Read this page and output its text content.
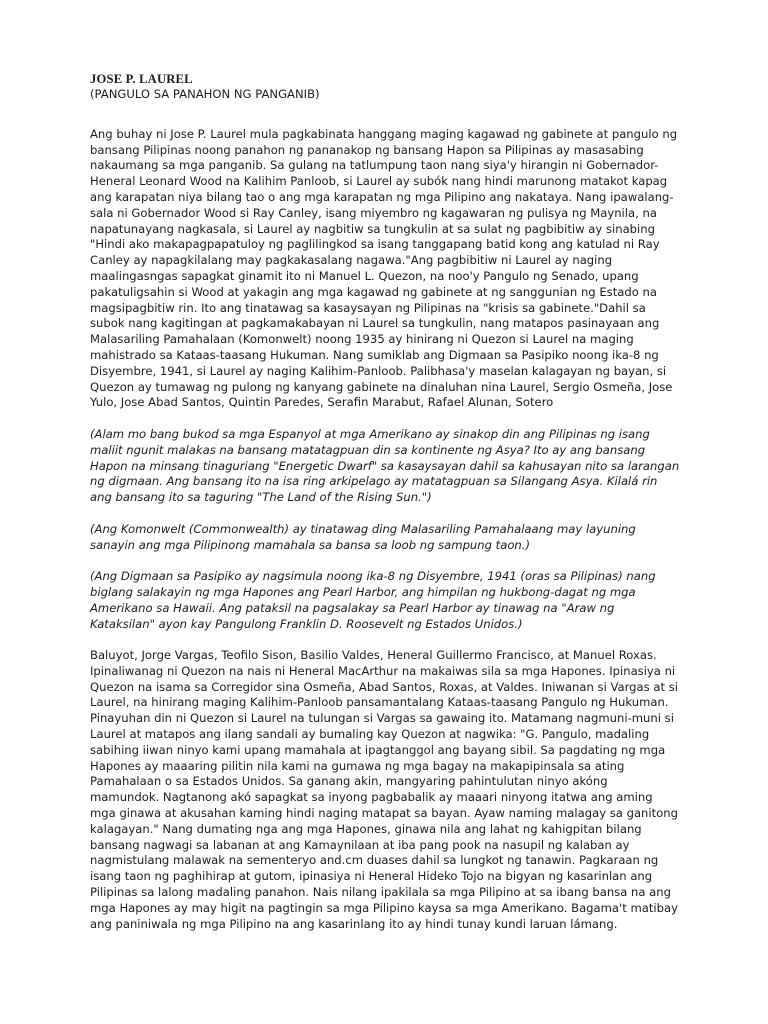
JOSE P. LAUREL
(PANGULO SA PANAHON NG PANGANIB)

Ang buhay ni Jose P. Laurel mula pagkabinata hanggang maging kagawad ng gabinete at pangulo ng bansang Pilipinas noong panahon ng pananakop ng bansang Hapon sa Pilipinas ay masasabing nakaumang sa mga panganib. Sa gulang na tatlumpung taon nang siya'y hirangin ni Gobernador-Heneral Leonard Wood na Kalihim Panloob, si Laurel ay subók nang hindi marunong matakot kapag ang karapatan niya bilang tao o ang mga karapatan ng mga Pilipino ang nakataya. Nang ipawalang-sala ni Gobernador Wood si Ray Canley, isang miyembro ng kagawaran ng pulisya ng Maynila, na napatunayang nagkasala, si Laurel ay nagbitiw sa tungkulin at sa sulat ng pagbibitiw ay sinabing "Hindi ako makapagpapatuloy ng paglilingkod sa isang tanggapang batid kong ang katulad ni Ray Canley ay napagkilalang may pagkakasalang nagawa."Ang pagbibitiw ni Laurel ay naging maalingasngas sapagkat ginamit ito ni Manuel L. Quezon, na noo'y Pangulo ng Senado, upang pakatuligsahin si Wood at yakagin ang mga kagawad ng gabinete at ng sanggunian ng Estado na magsipagbitiw rin. Ito ang tinatawag sa kasaysayan ng Pilipinas na "krisis sa gabinete."Dahil sa subok nang kagitingan at pagkamakabayan ni Laurel sa tungkulin, nang matapos pasinayaan ang Malasariling Pamahalaan (Komonwelt) noong 1935 ay hinirang ni Quezon si Laurel na maging mahistrado sa Kataas-taasang Hukuman. Nang sumiklab ang Digmaan sa Pasipiko noong ika-8 ng Disyembre, 1941, si Laurel ay naging Kalihim-Panloob. Palibhasa'y maselan kalagayan ng bayan, si Quezon ay tumawag ng pulong ng kanyang gabinete na dinaluhan nina Laurel, Sergio Osmeña, Jose Yulo, Jose Abad Santos, Quintin Paredes, Serafin Marabut, Rafael Alunan, Sotero

(Alam mo bang bukod sa mga Espanyol at mga Amerikano ay sinakop din ang Pilipinas ng isang maliit ngunit malakas na bansang matatagpuan din sa kontinente ng Asya? Ito ay ang bansang Hapon na minsang tinaguriang "Energetic Dwarf" sa kasaysayan dahil sa kahusayan nito sa larangan ng digmaan. Ang bansang ito na isa ring arkipelago ay matatagpuan sa Silangang Asya. Kilalá rin ang bansang ito sa taguring "The Land of the Rising Sun.")

(Ang Komonwelt (Commonwealth) ay tinatawag ding Malasariling Pamahalaang may layuning sanayin ang mga Pilipinong mamahala sa bansa sa loob ng sampung taon.)

(Ang Digmaan sa Pasipiko ay nagsimula noong ika-8 ng Disyembre, 1941 (oras sa Pilipinas) nang biglang salakayin ng mga Hapones ang Pearl Harbor, ang himpilan ng hukbong-dagat ng mga Amerikano sa Hawaii. Ang pataksil na pagsalakay sa Pearl Harbor ay tinawag na "Araw ng Kataksilan" ayon kay Pangulong Franklin D. Roosevelt ng Estados Unidos.)

Baluyot, Jorge Vargas, Teofilo Sison, Basilio Valdes, Heneral Guillermo Francisco, at Manuel Roxas. Ipinaliwanag ni Quezon na nais ni Heneral MacArthur na makaiwas sila sa mga Hapones. Ipinasiya ni Quezon na isama sa Corregidor sina Osmeña, Abad Santos, Roxas, at Valdes. Iniwanan si Vargas at si Laurel, na hinirang maging Kalihim-Panloob pansamantalang Kataas-taasang Pangulo ng Hukuman. Pinayuhan din ni Quezon si Laurel na tulungan si Vargas sa gawaing ito. Matamang nagmuni-muni si Laurel at matapos ang ilang sandali ay bumaling kay Quezon at nagwika: "G. Pangulo, madaling sabihing iiwan ninyo kami upang mamahala at ipagtanggol ang bayang sibil. Sa pagdating ng mga Hapones ay maaaring pilitin nila kami na gumawa ng mga bagay na makapipinsala sa ating Pamahalaan o sa Estados Unidos. Sa ganang akin, mangyaring pahintulutan ninyo akóng mamundok. Nagtanong akó sapagkat sa inyong pagbabalik ay maaari ninyong itatwa ang aming mga ginawa at akusahan kaming hindi naging matapat sa bayan. Ayaw naming malagay sa ganitong kalagayan." Nang dumating nga ang mga Hapones, ginawa nila ang lahat ng kahigpitan bilang bansang nagwagi sa labanan at ang Kamaynilaan at iba pang pook na nasupil ng kalaban ay nagmistulang malawak na sementeryo and.cm duases dahil sa lungkot ng tanawin. Pagkaraan ng isang taon ng paghihirap at gutom, ipinasiya ni Heneral Hideko Tojo na bigyan ng kasarinlan ang Pilipinas sa lalong madaling panahon. Nais nilang ipakilala sa mga Pilipino at sa ibang bansa na ang mga Hapones ay may higit na pagtingin sa mga Pilipino kaysa sa mga Amerikano. Bagama't matibay ang paniniwala ng mga Pilipino na ang kasarinlang ito ay hindi tunay kundi laruan lámang.
